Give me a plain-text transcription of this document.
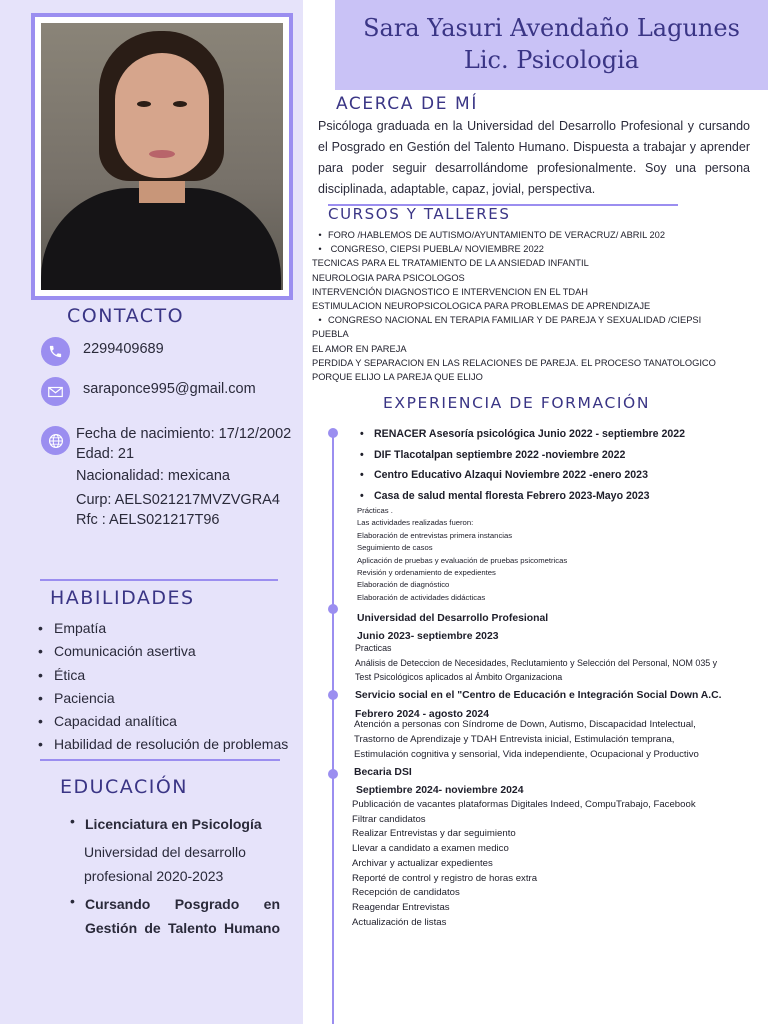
CONTACTO
2299409689
saraponce995@gmail.com
Fecha de nacimiento: 17/12/2002
Edad: 21
Nacionalidad: mexicana
Curp: AELS021217MVZVGRA4
Rfc : AELS021217T96
HABILIDADES
• Empatía
• Comunicación asertiva
• Ética
• Paciencia
• Capacidad analítica
• Habilidad de resolución de problemas
EDUCACIÓN
• Licenciatura en Psicología
Universidad del desarrollo
profesional 2020-2023
• Cursando Posgrado en Gestión de Talento Humano
Sara Yasuri Avendaño Lagunes
Lic. Psicologia
ACERCA DE MÍ
Psicóloga graduada en la Universidad del Desarrollo Profesional y cursando el Posgrado en Gestión del Talento Humano. Dispuesta a trabajar y aprender para poder seguir desarrollándome profesionalmente. Soy una persona disciplinada, adaptable, capaz, jovial, perspectiva.
CURSOS Y TALLERES
• FORO /HABLEMOS DE AUTISMO/AYUNTAMIENTO DE VERACRUZ/ ABRIL 202
• CONGRESO, CIEPSI PUEBLA/ NOVIEMBRE 2022
TECNICAS PARA EL TRATAMIENTO DE LA ANSIEDAD INFANTIL
NEUROLOGIA PARA PSICOLOGOS
INTERVENCIÓN DIAGNOSTICO E INTERVENCION EN EL TDAH
ESTIMULACION NEUROPSICOLOGICA PARA PROBLEMAS DE APRENDIZAJE
• CONGRESO NACIONAL EN TERAPIA FAMILIAR Y DE PAREJA Y SEXUALIDAD /CIEPSI
PUEBLA
EL AMOR EN PAREJA
PERDIDA Y SEPARACION EN LAS RELACIONES DE PAREJA. EL PROCESO TANATOLOGICO
PORQUE ELIJO LA PAREJA QUE ELIJO
EXPERIENCIA DE FORMACIÓN
• RENACER Asesoría psicológica Junio 2022 - septiembre 2022
• DIF Tlacotalpan septiembre 2022 -noviembre 2022
• Centro Educativo Alzaqui Noviembre 2022 -enero 2023
• Casa de salud mental floresta Febrero 2023-Mayo 2023
Prácticas .
Las actividades realizadas fueron:
Elaboración de entrevistas primera instancias
Seguimiento de casos
Aplicación de pruebas y evaluación de pruebas psicometricas
Revisión y ordenamiento de expedientes
Elaboración de diagnóstico
Elaboración de actividades didácticas
Universidad del Desarrollo Profesional
Junio 2023- septiembre 2023
Practicas
Análisis de Deteccion de Necesidades, Reclutamiento y Selección del Personal, NOM 035 y
Test Psicológicos aplicados al Ámbito Organizaciona
Servicio social en el "Centro de Educación e Integración Social Down A.C.
Febrero 2024 - agosto 2024
Atención a personas con Síndrome de Down, Autismo, Discapacidad Intelectual,
Trastorno de Aprendizaje y TDAH Entrevista inicial, Estimulación temprana,
Estimulación cognitiva y sensorial, Vida independiente, Ocupacional y Productivo
Becaria DSI
Septiembre 2024- noviembre 2024
Publicación de vacantes plataformas Digitales Indeed, CompuTrabajo, Facebook
Filtrar candidatos
Realizar Entrevistas y dar seguimiento
Llevar a candidato a examen medico
Archivar y actualizar expedientes
Reporté de control y registro de horas extra
Recepción de candidatos
Reagendar Entrevistas
Actualización de listas
